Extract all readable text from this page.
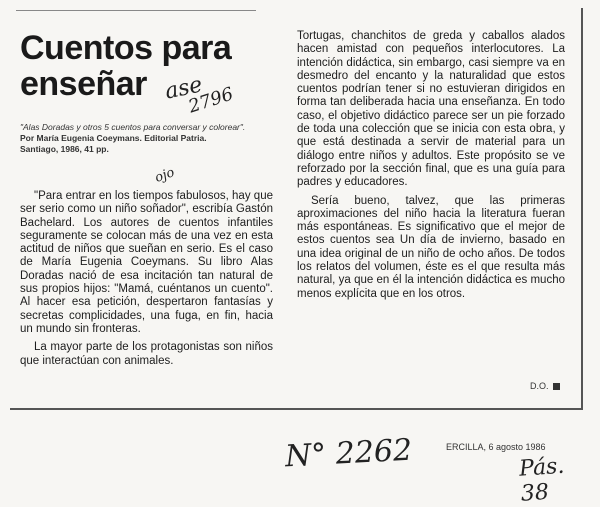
Cuentos para
enseñar ase
2796
"Alas Doradas y otros 5 cuentos para conversar y colorear".
Por María Eugenia Coeymans. Editorial Patria.
Santiago, 1986, 41 pp.
ojo

"Para entrar en los tiempos fabulosos, hay que ser serio como un niño soñador", escribía Gastón Bachelard. Los autores de cuentos infantiles seguramente se colocan más de una vez en esta actitud de niños que sueñan en serio. Es el caso de María Eugenia Coeymans. Su libro Alas Doradas nació de esa incitación tan natural de sus propios hijos: "Mamá, cuéntanos un cuento". Al hacer esa petición, despertaron fantasías y secretas complicidades, una fuga, en fin, hacia un mundo sin fronteras.

La mayor parte de los protagonistas son niños que interactúan con animales.

Tortugas, chanchitos de greda y caballos alados hacen amistad con pequeños interlocutores. La intención didáctica, sin embargo, casi siempre va en desmedro del encanto y la naturalidad que estos cuentos podrían tener si no estuvieran dirigidos en forma tan deliberada hacia una enseñanza. En todo caso, el objetivo didáctico parece ser un pie forzado de toda una colección que se inicia con esta obra, y que está destinada a servir de material para un diálogo entre niños y adultos. Este propósito se ve reforzado por la sección final, que es una guía para padres y educadores.

Sería bueno, talvez, que las primeras aproximaciones del niño hacia la literatura fueran más espontáneas. Es significativo que el mejor de estos cuentos sea Un día de invierno, basado en una idea original de un niño de ocho años. De todos los relatos del volumen, éste es el que resulta más natural, ya que en él la intención didáctica es mucho menos explícita que en los otros.

D.O.
N° 2262	ERCILLA, 6 agosto 1986
Pás. 38
